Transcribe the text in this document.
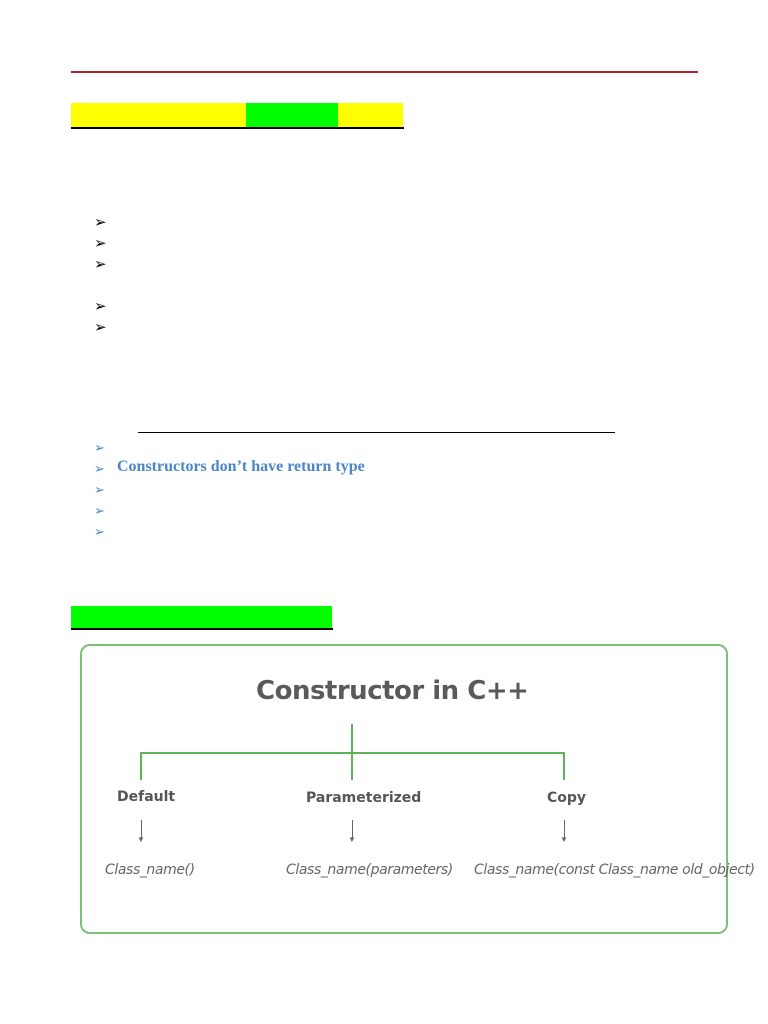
➢
➢
➢
➢
➢
➢
➢ Constructors don’t have return type
➢
➢
➢
Constructor in C++
Default	Parameterized	Copy
▼	▼	▼
Class_name()	Class_name(parameters) Class_name(const Class_name old_object)
